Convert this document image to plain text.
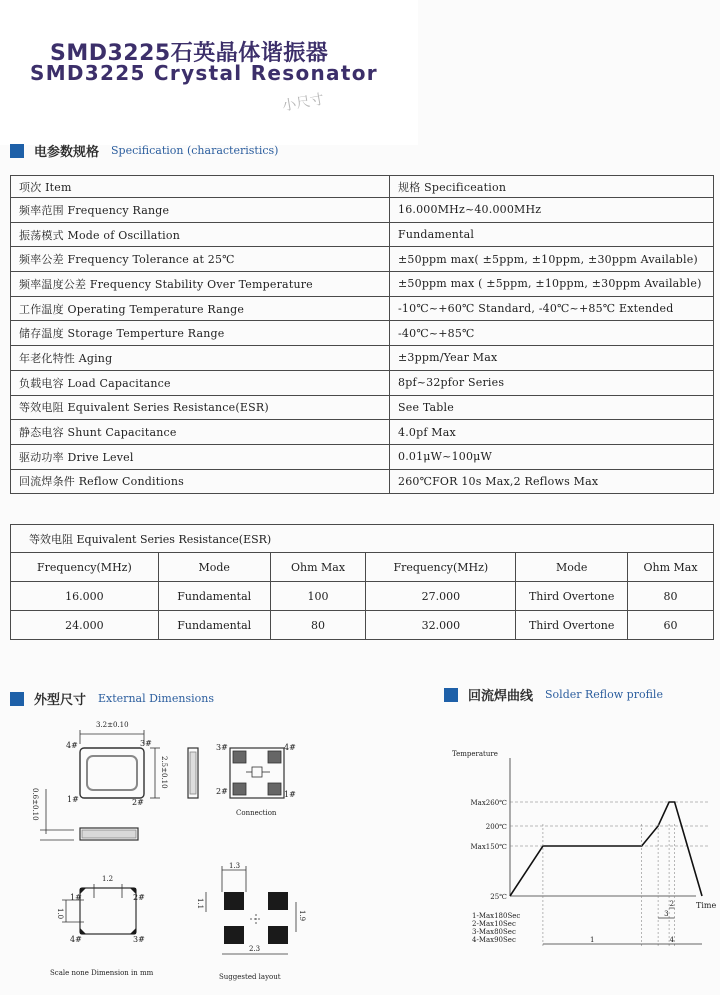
SMD3225石英晶体谐振器
SMD3225 Crystal Resonator
小尺寸
电参数规格 Specification (characteristics)
项次 Item	规格 Specificeation
频率范围 Frequency Range	16.000MHz~40.000MHz
振荡模式 Mode of Oscillation	Fundamental
频率公差 Frequency Tolerance at 25℃	±50ppm max( ±5ppm, ±10ppm, ±30ppm Available)
频率温度公差 Frequency Stability Over Temperature	±50ppm max ( ±5ppm, ±10ppm, ±30ppm Available)
工作温度 Operating Temperature Range	-10℃~+60℃ Standard, -40℃~+85℃ Extended
储存温度 Storage Temperture Range	-40℃~+85℃
年老化特性 Aging	±3ppm/Year Max
负载电容 Load Capacitance	8pf~32pfor Series
等效电阻 Equivalent Series Resistance(ESR)	See Table
静态电容 Shunt Capacitance	4.0pf Max
驱动功率 Drive Level	0.01μW~100μW
回流焊条件 Reflow Conditions	260℃FOR 10s Max,2 Reflows Max
等效电阻 Equivalent Series Resistance(ESR)					
Frequency(MHz)	Mode	Ohm Max	Frequency(MHz)	Mode	Ohm Max
16.000	Fundamental	100	27.000	Third Overtone	80
24.000	Fundamental	80	32.000	Third Overtone	60
外型尺寸 External Dimensions	回流焊曲线 Solder Reflow profile
3.2±0.10
2.5±0.10
0.6±0.10
4#	3#
1#	2#
3#	4#
2#	1#
Connection
1.2
1.0
1#	2#
4#	3#
Scale none Dimension in mm
1.3
1.1
2.3
1.9
Suggested layout
Temperature
Time
Max260℃
200℃
Max150℃
25℃
1
2
3
4
1-Max180Sec
2-Max10Sec
3-Max80Sec
4-Max90Sec
